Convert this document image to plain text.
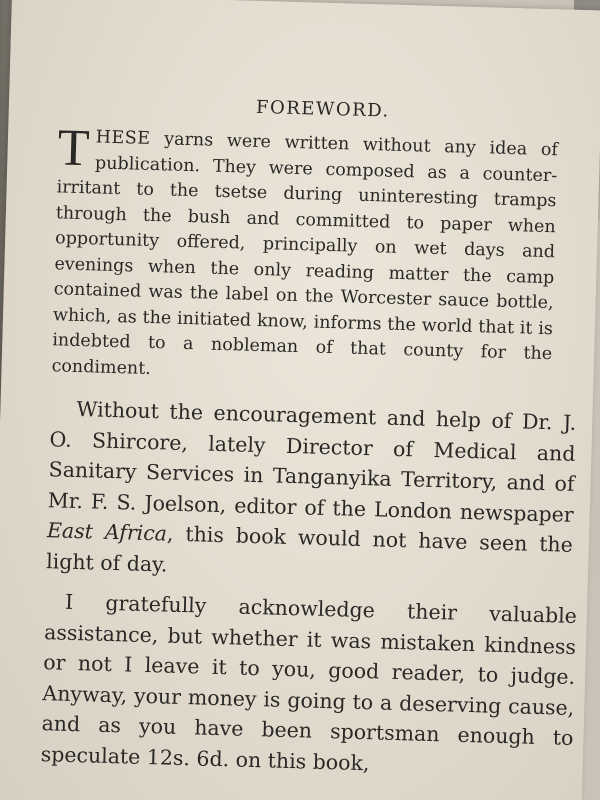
FOREWORD.

THESE yarns were written without any idea of publication. They were composed as a counter-irritant to the tsetse during uninteresting tramps through the bush and committed to paper when opportunity offered, principally on wet days and evenings when the only reading matter the camp contained was the label on the Worcester sauce bottle, which, as the initiated know, informs the world that it is indebted to a nobleman of that county for the condiment.

Without the encouragement and help of Dr. J. O. Shircore, lately Director of Medical and Sanitary Services in Tanganyika Territory, and of Mr. F. S. Joelson, editor of the London newspaper East Africa, this book would not have seen the light of day.

I gratefully acknowledge their valuable assistance, but whether it was mistaken kindness or not I leave it to you, good reader, to judge. Anyway, your money is going to a deserving cause, and as you have been sportsman enough to speculate 12s. 6d. on this book,
